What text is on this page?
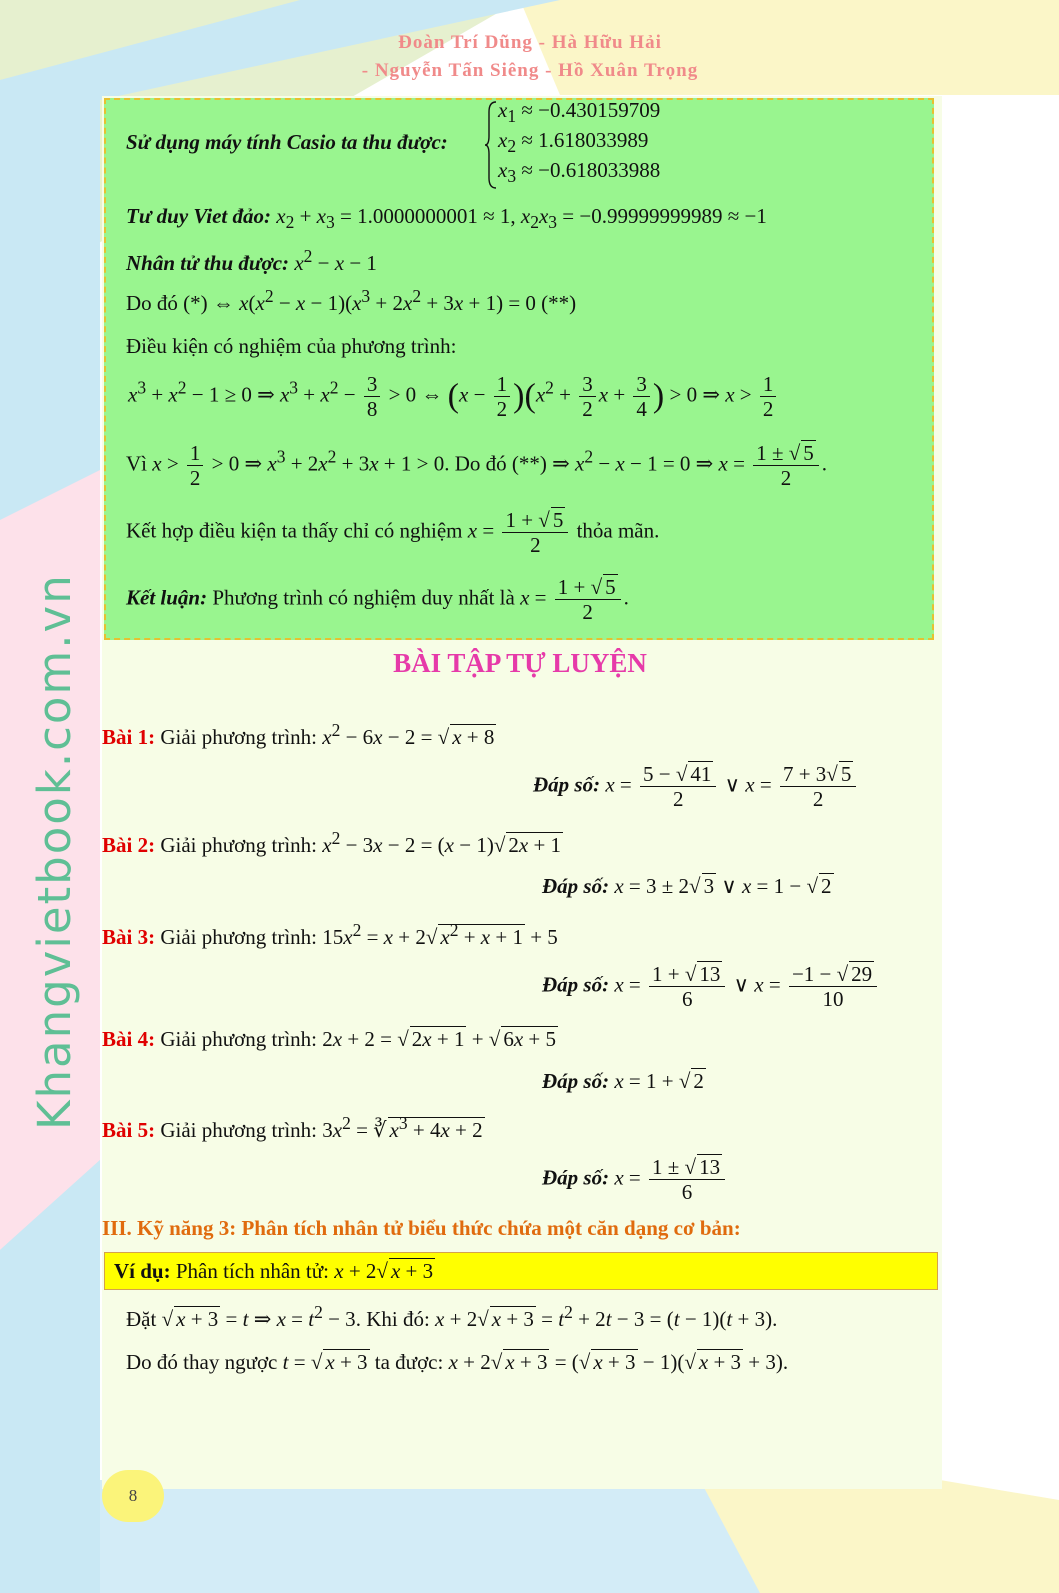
Khangvietbook.com.vn
Đoàn Trí Dũng - Hà Hữu Hải
- Nguyễn Tấn Siêng - Hồ Xuân Trọng
Sử dụng máy tính Casio ta thu được:
$x_1 \approx -0.430159709$
$x_2 \approx 1.618033989$
$x_3 \approx -0.618033988$
Tư duy Viet đảo: $x_2 + x_3 = 1.0000000001 \approx 1$, $x_2x_3 = -0.99999999989 \approx -1$
Nhân tử thu được: $x^2 - x - 1$
Do đó (*) ⇔ $x(x^2 - x - 1)(x^3 + 2x^2 + 3x + 1) = 0$ (**)
Điều kiện có nghiệm của phương trình:
$x^3 + x^2 - 1 \ge 0$ ⇒ $x^3 + x^2 - \frac{3}{8} > 0$ ⇔ $(x - \frac{1}{2} )(x^2 + \frac{3}{2}$ $x + \frac{3}{4}$ ) > 0 ⇒ $x > \frac{1}{2}$
Vì $x > \frac{1}{2} > 0$ ⇒ $x^3 + 2x^2 + 3x + 1 > 0$. Do đó (**) ⇒ $x^2 - x - 1 = 0$ ⇒ $x = \frac{1 \pm √ 5}{2}$ .
Kết hợp điều kiện ta thấy chỉ có nghiệm $x = \frac{1 + √ 5}{2}$ thỏa mãn.
Kết luận: Phương trình có nghiệm duy nhất là $x = \frac{1 + √ 5}{2}$ .
BÀI TẬP TỰ LUYỆN
Bài 1: Giải phương trình: $x^2 - 6x - 2$ = √ x + 8
Đáp số: $x = \frac{5 - √ 41}{2}$ ∨ $x = \frac{7 + 3√ 5}{2}$
Bài 2: Giải phương trình: $x^2 - 3x - 2 = (x - 1)√$ 2x + 1
Đáp số: x = 3 ± 2√ 3 ∨ x = 1 − √ 2
Bài 3: Giải phương trình: $15x^2 = x + 2√$ $x^2 + x + 1 + 5$
Đáp số: $x = \frac{1 + √ 13}{6}$ ∨ $x = \frac{-1 - √ 29}{10}$
Bài 4: Giải phương trình: 2x + 2 = √ 2x + 1 + √ 6x + 5
Đáp số: x = 1 + √ 2
Bài 5: Giải phương trình: $3x^2$ = ∛ $x^3 + 4x + 2$
Đáp số: $x = \frac{1 \pm √ 13}{6}$
III. Kỹ năng 3: Phân tích nhân tử biểu thức chứa một căn dạng cơ bản:
Ví dụ: Phân tích nhân tử: x + 2√ x + 3
Đặt √ x + 3 = t ⇒ $x = t^2 - 3$. Khi đó: x + 2√ $x + 3 = t^2 + 2t - 3 = (t - 1)(t + 3)$.
Do đó thay ngược t = √ x + 3 ta được: x + 2√ x + 3 = (√ x + 3 − 1)(√ x + 3 + 3).
8
